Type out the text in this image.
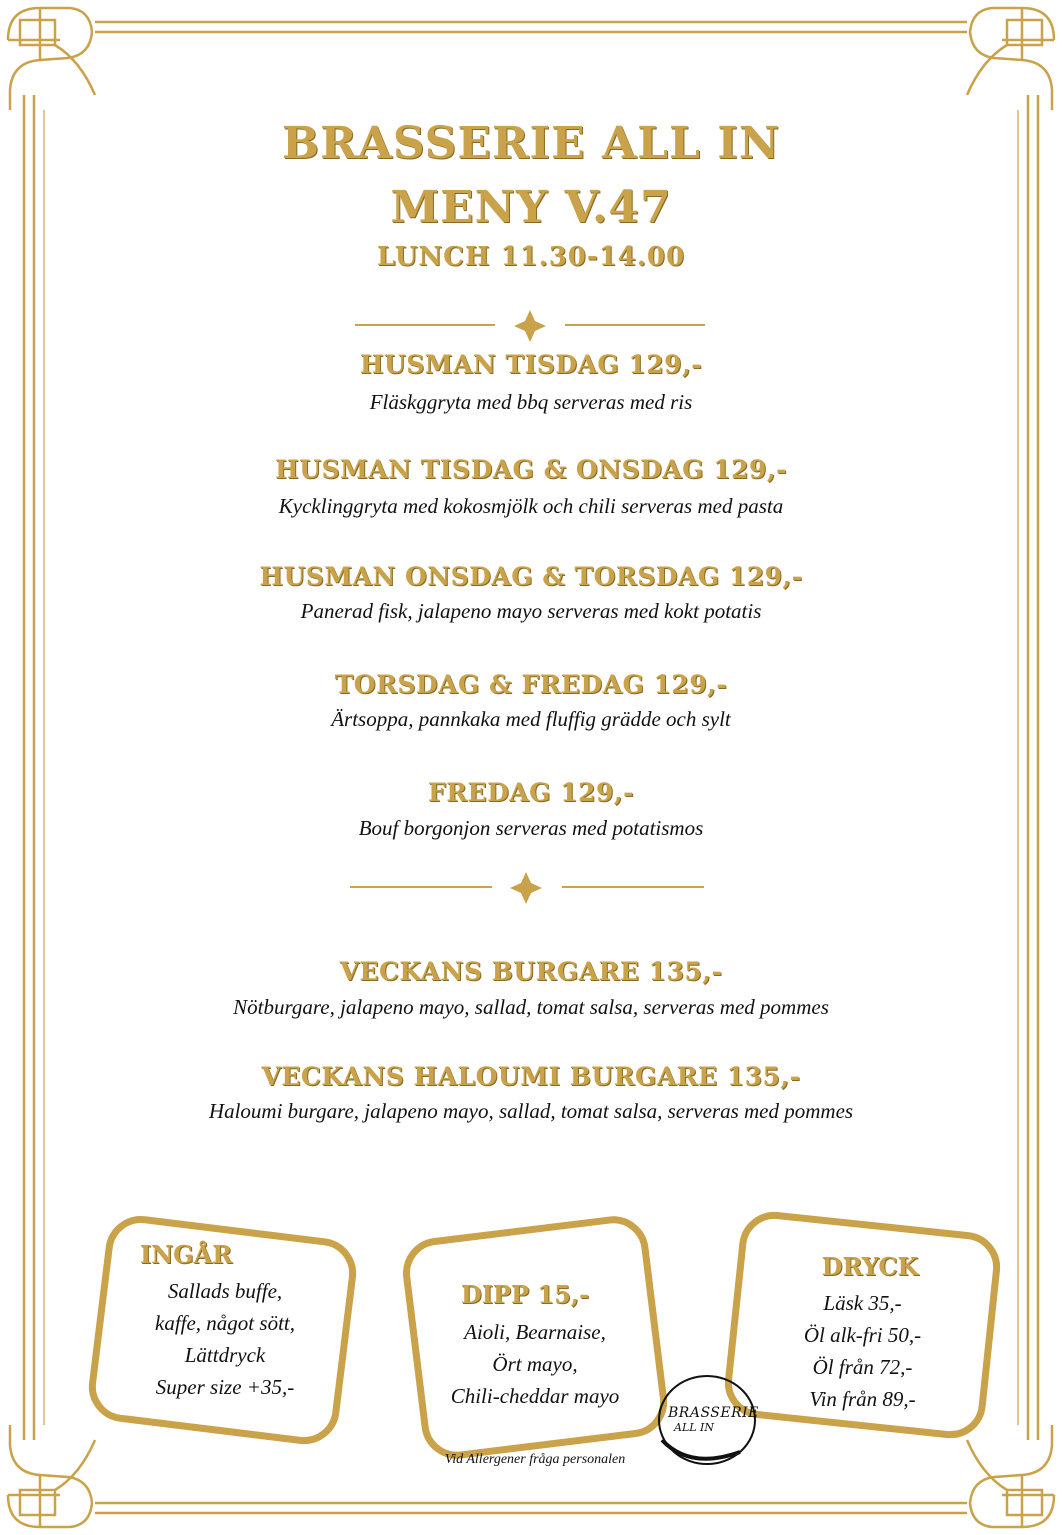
BRASSERIE ALL IN
MENY V.47
LUNCH 11.30-14.00
HUSMAN TISDAG 129,-
Fläskggryta med bbq serveras med ris
HUSMAN TISDAG & ONSDAG 129,-
Kycklinggryta med kokosmjölk och chili serveras med pasta
HUSMAN ONSDAG & TORSDAG 129,-
Panerad fisk, jalapeno mayo serveras med kokt potatis
TORSDAG & FREDAG 129,-
Ärtsoppa, pannkaka med fluffig grädde och sylt
FREDAG 129,-
Bouf borgonjon serveras med potatismos
VECKANS BURGARE 135,-
Nötburgare, jalapeno mayo, sallad, tomat salsa, serveras med pommes
VECKANS HALOUMI BURGARE 135,-
Haloumi burgare, jalapeno mayo, sallad, tomat salsa, serveras med pommes
INGÅR
Sallads buffe,
kaffe, något sött,
Lättdryck
Super size +35,-
DIPP 15,-
Aioli, Bearnaise,
Ört mayo,
Chili-cheddar mayo
DRYCK
Läsk 35,-
Öl alk-fri 50,-
Öl från 72,-
Vin från 89,-
BRASSERIE
ALL IN
Vid Allergener fråga personalen
